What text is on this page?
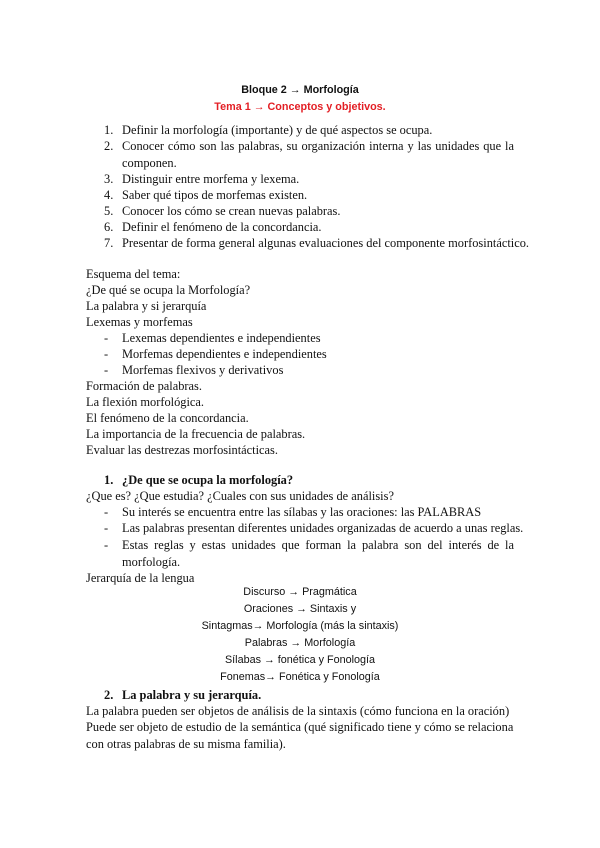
Bloque 2 → Morfología
Tema 1 → Conceptos y objetivos.
1. Definir la morfología (importante) y de qué aspectos se ocupa.
2. Conocer cómo son las palabras, su organización interna y las unidades que la componen.
3. Distinguir entre morfema y lexema.
4. Saber qué tipos de morfemas existen.
5. Conocer los cómo se crean nuevas palabras.
6. Definir el fenómeno de la concordancia.
7. Presentar de forma general algunas evaluaciones del componente morfosintáctico.
Esquema del tema:
¿De qué se ocupa la Morfología?
La palabra y si jerarquía
Lexemas y morfemas
- Lexemas dependientes e independientes
- Morfemas dependientes e independientes
- Morfemas flexivos y derivativos
Formación de palabras.
La flexión morfológica.
El fenómeno de la concordancia.
La importancia de la frecuencia de palabras.
Evaluar las destrezas morfosintácticas.
1. ¿De que se ocupa la morfología?
¿Que es? ¿Que estudia? ¿Cuales con sus unidades de análisis?
- Su interés se encuentra entre las sílabas y las oraciones: las PALABRAS
- Las palabras presentan diferentes unidades organizadas de acuerdo a unas reglas.
- Estas reglas y estas unidades que forman la palabra son del interés de la morfología.
Jerarquía de la lengua
Discurso → Pragmática
Oraciones → Sintaxis y
Sintagmas→ Morfología (más la sintaxis)
Palabras → Morfología
Sílabas → fonética y Fonología
Fonemas→ Fonética y Fonología
2. La palabra y su jerarquía.
La palabra pueden ser objetos de análisis de la sintaxis (cómo funciona en la oración)
Puede ser objeto de estudio de la semántica (qué significado tiene y cómo se relaciona con otras palabras de su misma familia).
